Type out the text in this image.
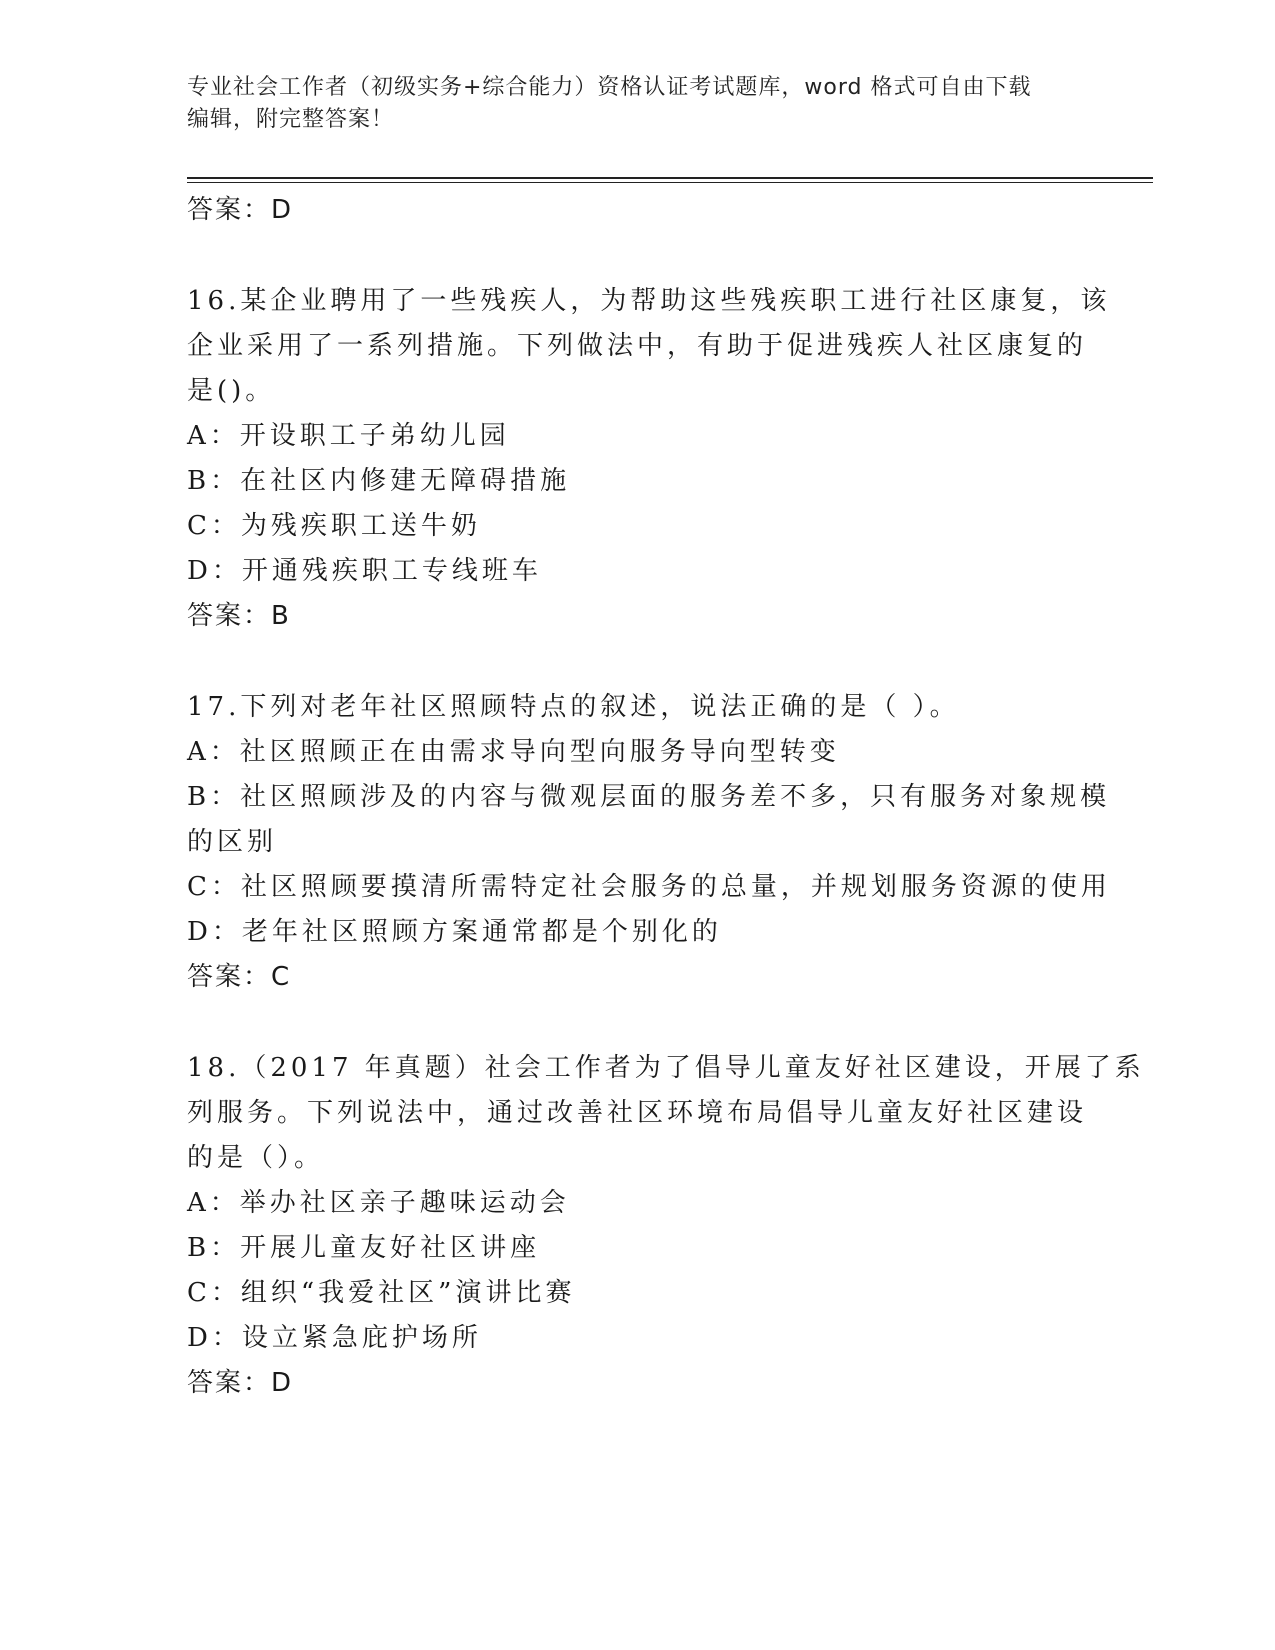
专业社会工作者（初级实务+综合能力）资格认证考试题库，word 格式可自由下载
编辑，附完整答案！
答案：D
16.某企业聘用了一些残疾人，为帮助这些残疾职工进行社区康复，该
企业采用了一系列措施。下列做法中，有助于促进残疾人社区康复的
是()。
A：开设职工子弟幼儿园
B：在社区内修建无障碍措施
C：为残疾职工送牛奶
D：开通残疾职工专线班车
答案：B
17.下列对老年社区照顾特点的叙述，说法正确的是（ ）。
A：社区照顾正在由需求导向型向服务导向型转变
B：社区照顾涉及的内容与微观层面的服务差不多，只有服务对象规模
的区别
C：社区照顾要摸清所需特定社会服务的总量，并规划服务资源的使用
D：老年社区照顾方案通常都是个别化的
答案：C
18.（2017 年真题）社会工作者为了倡导儿童友好社区建设，开展了系
列服务。下列说法中，通过改善社区环境布局倡导儿童友好社区建设
的是（）。
A：举办社区亲子趣味运动会
B：开展儿童友好社区讲座
C：组织“我爱社区”演讲比赛
D：设立紧急庇护场所
答案：D
